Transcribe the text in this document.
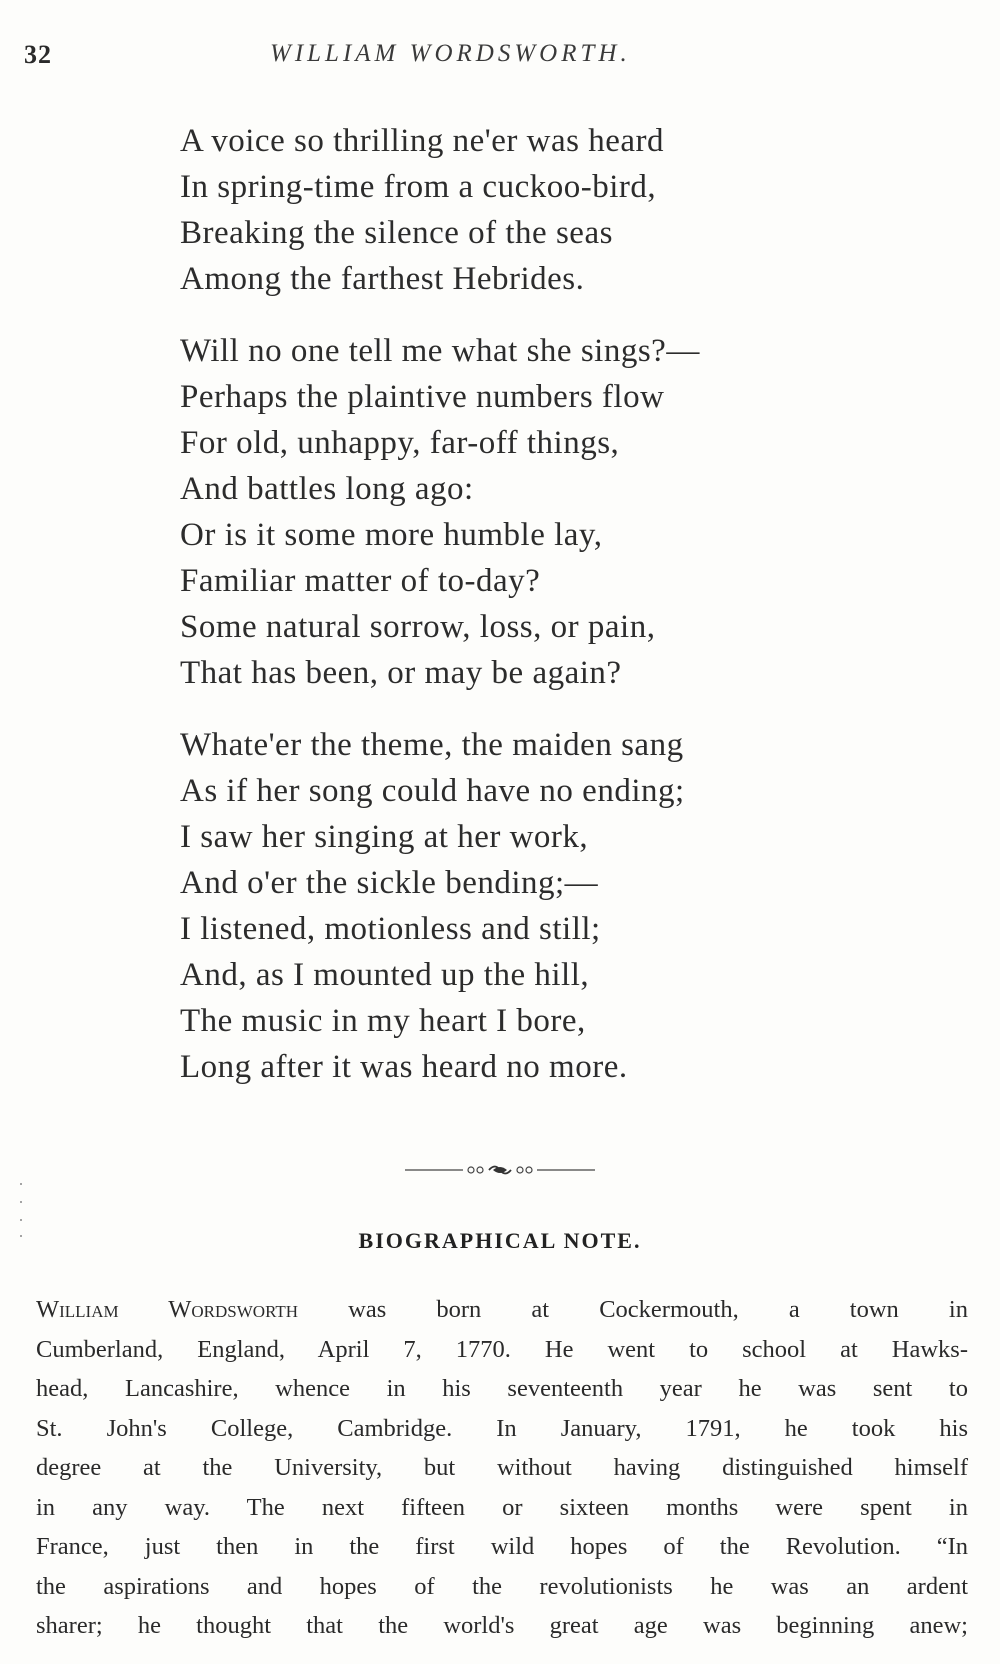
32	WILLIAM WORDSWORTH.
A voice so thrilling ne'er was heard
In spring-time from a cuckoo-bird,
Breaking the silence of the seas
Among the farthest Hebrides.
Will no one tell me what she sings?—
Perhaps the plaintive numbers flow
For old, unhappy, far-off things,
And battles long ago:
Or is it some more humble lay,
Familiar matter of to-day?
Some natural sorrow, loss, or pain,
That has been, or may be again?
Whate'er the theme, the maiden sang
As if her song could have no ending;
I saw her singing at her work,
And o'er the sickle bending;—
I listened, motionless and still;
And, as I mounted up the hill,
The music in my heart I bore,
Long after it was heard no more.
BIOGRAPHICAL NOTE.
William Wordsworth was born at Cockermouth, a town in
Cumberland, England, April 7, 1770. He went to school at Hawks-
head, Lancashire, whence in his seventeenth year he was sent to
St. John's College, Cambridge. In January, 1791, he took his
degree at the University, but without having distinguished himself
in any way. The next fifteen or sixteen months were spent in
France, just then in the first wild hopes of the Revolution. “In
the aspirations and hopes of the revolutionists he was an ardent
sharer; he thought that the world's great age was beginning anew;
